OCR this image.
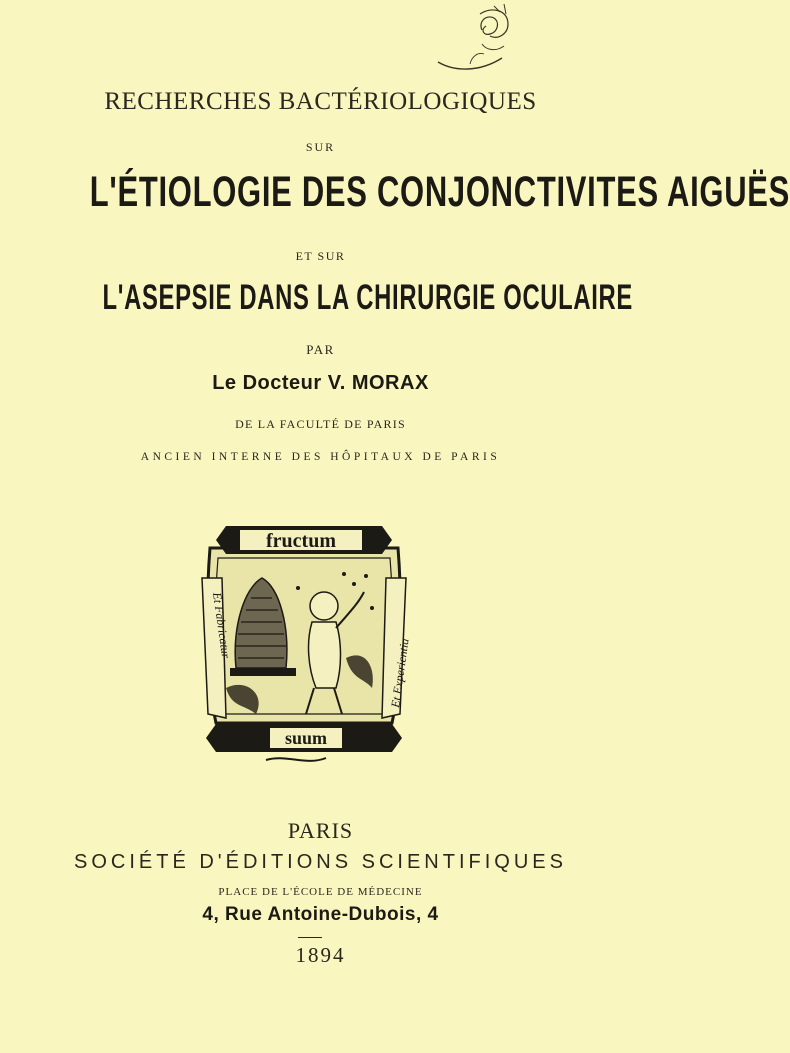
RECHERCHES BACTÉRIOLOGIQUES
SUR
L'ÉTIOLOGIE DES CONJONCTIVITES AIGUËS
ET SUR
L'ASEPSIE DANS LA CHIRURGIE OCULAIRE
PAR
Le Docteur V. MORAX
DE LA FACULTÉ DE PARIS
ANCIEN INTERNE DES HÔPITAUX DE PARIS
Et Fabricatur
Et Experientia
fructum
suum
PARIS
SOCIÉTÉ D'ÉDITIONS SCIENTIFIQUES
PLACE DE L'ÉCOLE DE MÉDECINE
4, Rue Antoine-Dubois, 4
1894
